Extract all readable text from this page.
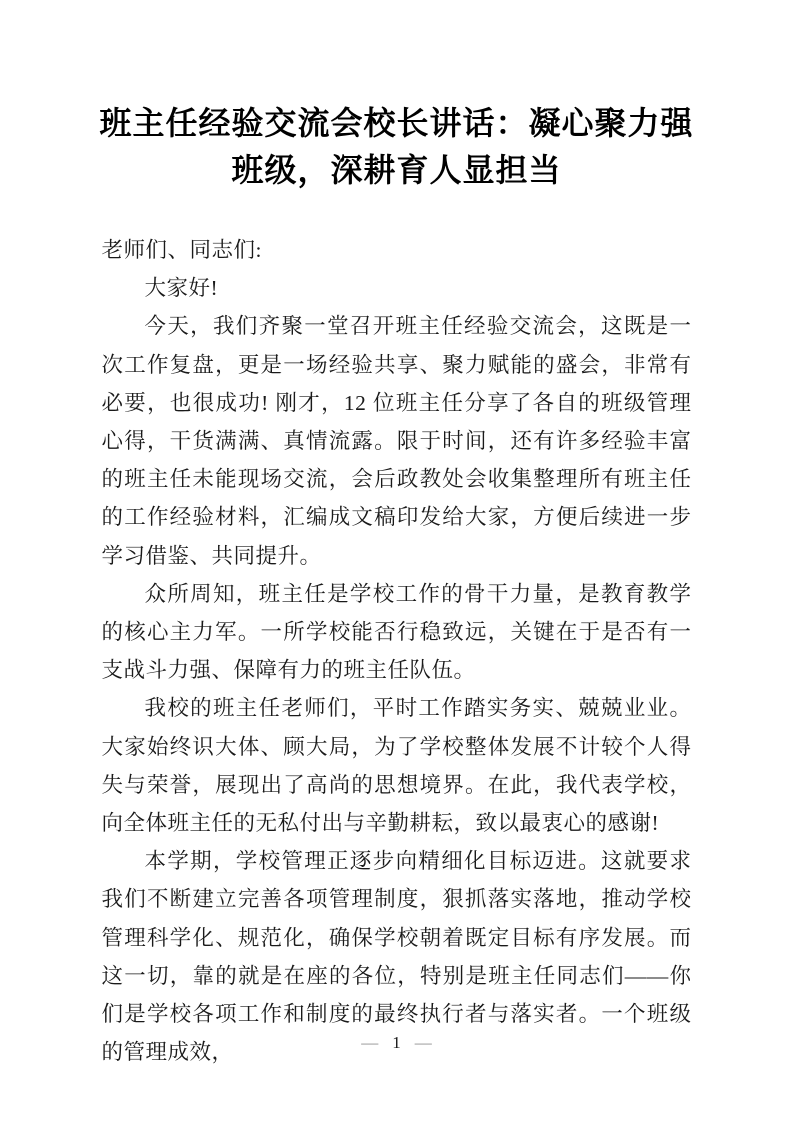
班主任经验交流会校长讲话：凝心聚力强
班级，深耕育人显担当

老师们、同志们:

大家好!

今天，我们齐聚一堂召开班主任经验交流会，这既是一次工作复盘，更是一场经验共享、聚力赋能的盛会，非常有必要，也很成功! 刚才，12 位班主任分享了各自的班级管理心得，干货满满、真情流露。限于时间，还有许多经验丰富的班主任未能现场交流，会后政教处会收集整理所有班主任的工作经验材料，汇编成文稿印发给大家，方便后续进一步学习借鉴、共同提升。

众所周知，班主任是学校工作的骨干力量，是教育教学的核心主力军。一所学校能否行稳致远，关键在于是否有一支战斗力强、保障有力的班主任队伍。

我校的班主任老师们，平时工作踏实务实、兢兢业业。大家始终识大体、顾大局，为了学校整体发展不计较个人得失与荣誉，展现出了高尚的思想境界。在此，我代表学校，向全体班主任的无私付出与辛勤耕耘，致以最衷心的感谢!

本学期，学校管理正逐步向精细化目标迈进。这就要求我们不断建立完善各项管理制度，狠抓落实落地，推动学校管理科学化、规范化，确保学校朝着既定目标有序发展。而这一切，靠的就是在座的各位，特别是班主任同志们——你们是学校各项工作和制度的最终执行者与落实者。一个班级的管理成效，	— 1 —
